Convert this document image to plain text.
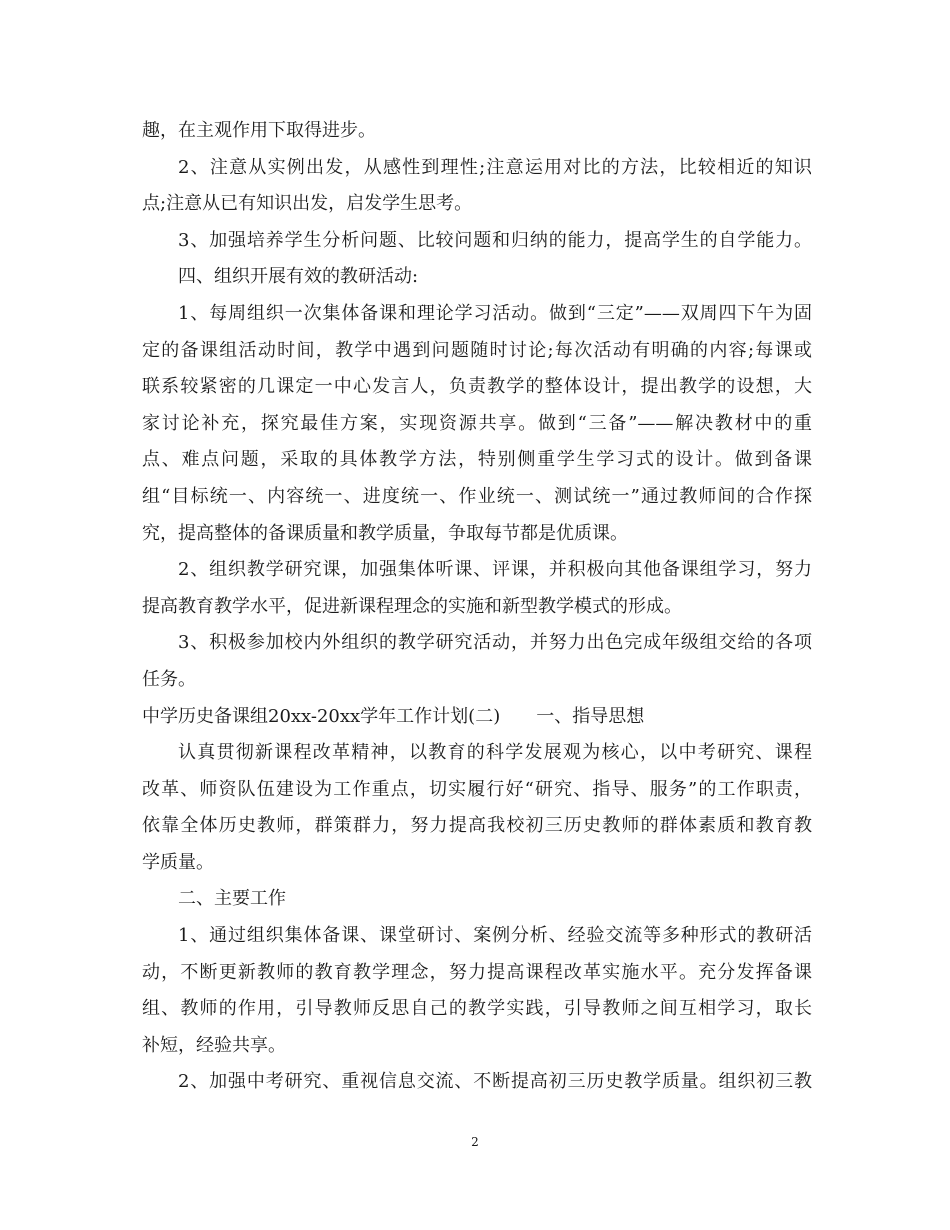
趣，在主观作用下取得进步。
2、注意从实例出发，从感性到理性;注意运用对比的方法，比较相近的知识
点;注意从已有知识出发，启发学生思考。
3、加强培养学生分析问题、比较问题和归纳的能力，提高学生的自学能力。
四、组织开展有效的教研活动:
1、每周组织一次集体备课和理论学习活动。做到“三定”——双周四下午为固
定的备课组活动时间，教学中遇到问题随时讨论;每次活动有明确的内容;每课或
联系较紧密的几课定一中心发言人，负责教学的整体设计，提出教学的设想，大
家讨论补充，探究最佳方案，实现资源共享。做到“三备”——解决教材中的重
点、难点问题，采取的具体教学方法，特别侧重学生学习式的设计。做到备课
组“目标统一、内容统一、进度统一、作业统一、测试统一”通过教师间的合作探
究，提高整体的备课质量和教学质量，争取每节都是优质课。
2、组织教学研究课，加强集体听课、评课，并积极向其他备课组学习，努力
提高教育教学水平，促进新课程理念的实施和新型教学模式的形成。
3、积极参加校内外组织的教学研究活动，并努力出色完成年级组交给的各项
任务。
中学历史备课组20xx-20xx学年工作计划(二)　　一、指导思想
认真贯彻新课程改革精神，以教育的科学发展观为核心，以中考研究、课程
改革、师资队伍建设为工作重点，切实履行好“研究、指导、服务”的工作职责，
依靠全体历史教师，群策群力，努力提高我校初三历史教师的群体素质和教育教
学质量。
二、主要工作
1、通过组织集体备课、课堂研讨、案例分析、经验交流等多种形式的教研活
动，不断更新教师的教育教学理念，努力提高课程改革实施水平。充分发挥备课
组、教师的作用，引导教师反思自己的教学实践，引导教师之间互相学习，取长
补短，经验共享。
2、加强中考研究、重视信息交流、不断提高初三历史教学质量。组织初三教
2
